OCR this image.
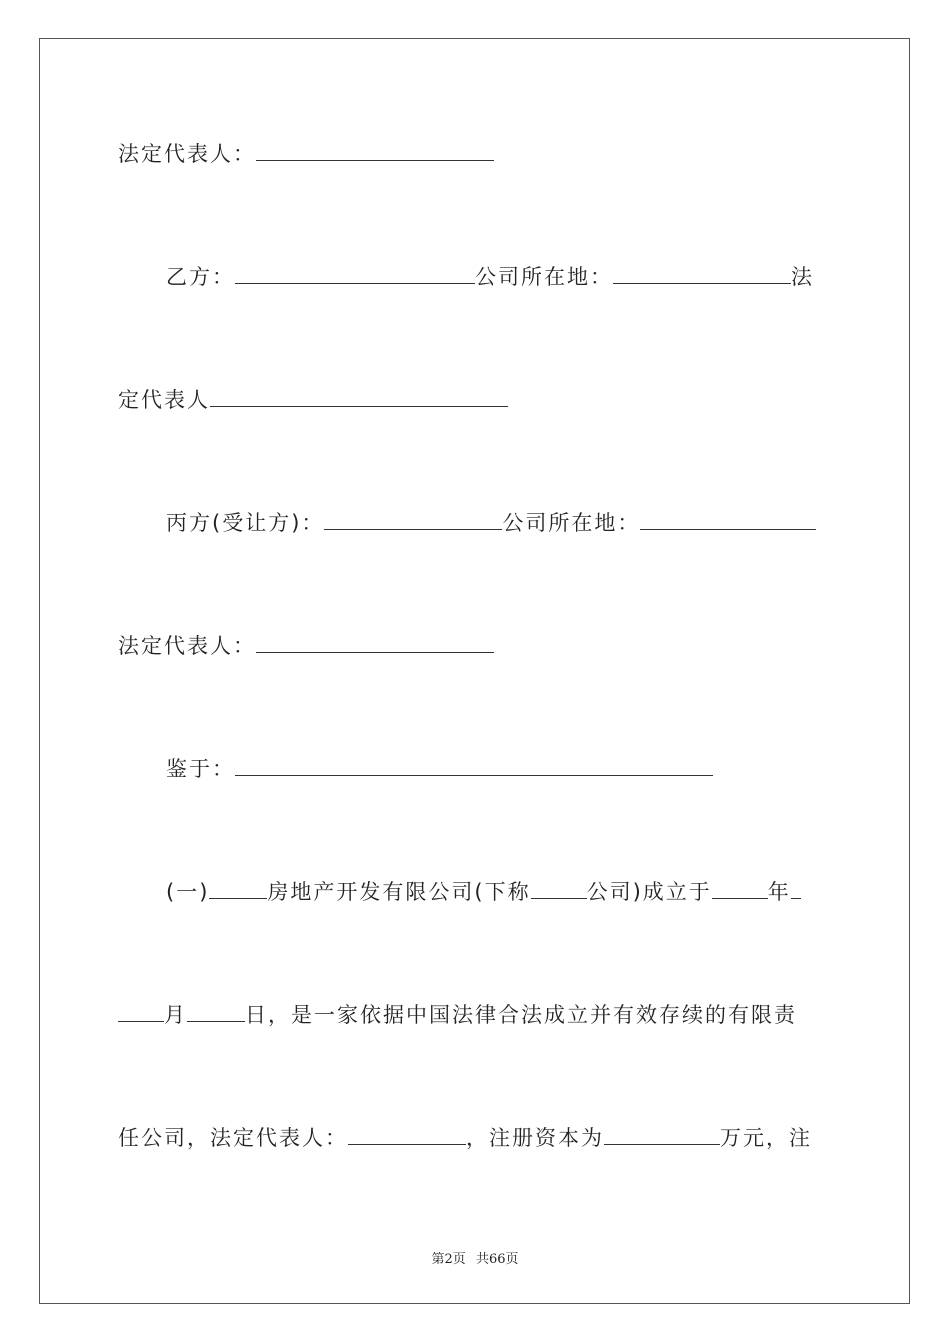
法定代表人：
乙方：	公司所在地：	法
定代表人
丙方(受让方)：	公司所在地：
法定代表人：
鉴于：
(一)	房地产开发有限公司(下称	公司)成立于	年
月	日，是一家依据中国法律合法成立并有效存续的有限责
任公司，法定代表人：	，注册资本为	万元，注
第2页 共66页
